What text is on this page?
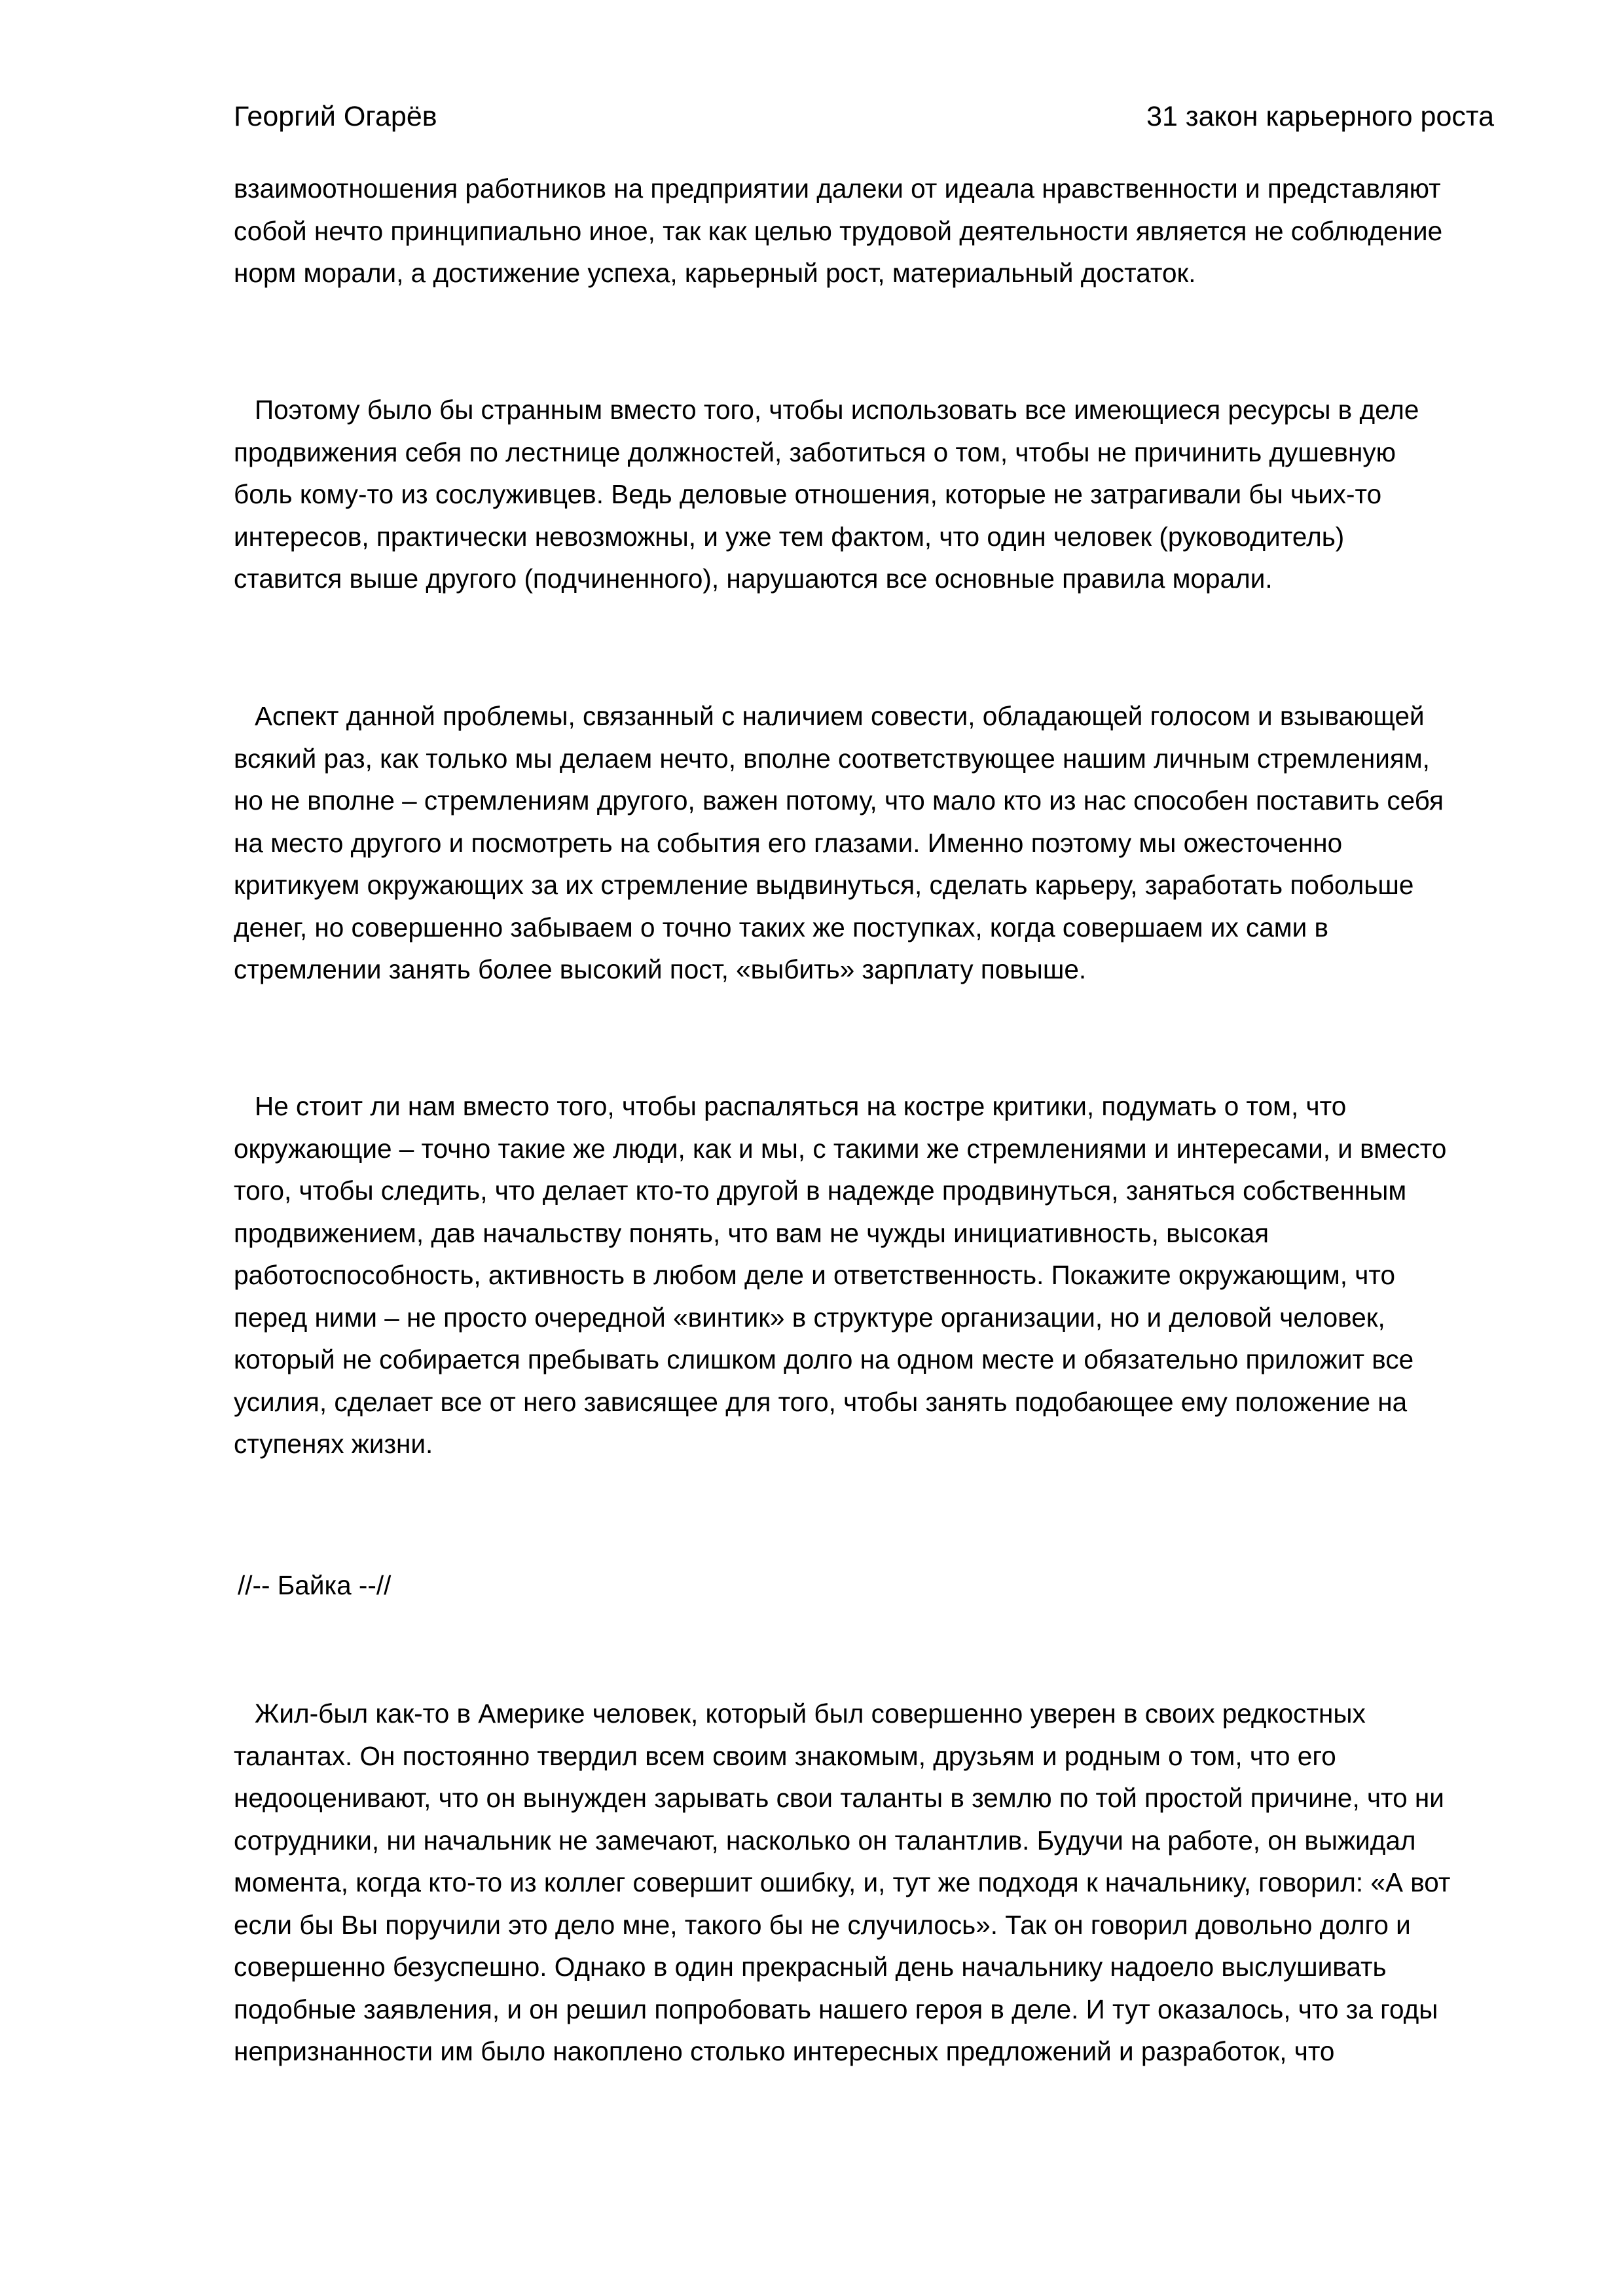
Георгий Огарёв	31 закон карьерного роста
взаимоотношения работников на предприятии далеки от идеала нравственности и представляют
собой нечто принципиально иное, так как целью трудовой деятельности является не соблюдение
норм морали, а достижение успеха, карьерный рост, материальный достаток.
Поэтому было бы странным вместо того, чтобы использовать все имеющиеся ресурсы в деле
продвижения себя по лестнице должностей, заботиться о том, чтобы не причинить душевную
боль кому-то из сослуживцев. Ведь деловые отношения, которые не затрагивали бы чьих-то
интересов, практически невозможны, и уже тем фактом, что один человек (руководитель)
ставится выше другого (подчиненного), нарушаются все основные правила морали.
Аспект данной проблемы, связанный с наличием совести, обладающей голосом и взывающей
всякий раз, как только мы делаем нечто, вполне соответствующее нашим личным стремлениям,
но не вполне – стремлениям другого, важен потому, что мало кто из нас способен поставить себя
на место другого и посмотреть на события его глазами. Именно поэтому мы ожесточенно
критикуем окружающих за их стремление выдвинуться, сделать карьеру, заработать побольше
денег, но совершенно забываем о точно таких же поступках, когда совершаем их сами в
стремлении занять более высокий пост, «выбить» зарплату повыше.
Не стоит ли нам вместо того, чтобы распаляться на костре критики, подумать о том, что
окружающие – точно такие же люди, как и мы, с такими же стремлениями и интересами, и вместо
того, чтобы следить, что делает кто-то другой в надежде продвинуться, заняться собственным
продвижением, дав начальству понять, что вам не чужды инициативность, высокая
работоспособность, активность в любом деле и ответственность. Покажите окружающим, что
перед ними – не просто очередной «винтик» в структуре организации, но и деловой человек,
который не собирается пребывать слишком долго на одном месте и обязательно приложит все
усилия, сделает все от него зависящее для того, чтобы занять подобающее ему положение на
ступенях жизни.
//-- Байка --//
Жил-был как-то в Америке человек, который был совершенно уверен в своих редкостных
талантах. Он постоянно твердил всем своим знакомым, друзьям и родным о том, что его
недооценивают, что он вынужден зарывать свои таланты в землю по той простой причине, что ни
сотрудники, ни начальник не замечают, насколько он талантлив. Будучи на работе, он выжидал
момента, когда кто-то из коллег совершит ошибку, и, тут же подходя к начальнику, говорил: «А вот
если бы Вы поручили это дело мне, такого бы не случилось». Так он говорил довольно долго и
совершенно безуспешно. Однако в один прекрасный день начальнику надоело выслушивать
подобные заявления, и он решил попробовать нашего героя в деле. И тут оказалось, что за годы
непризнанности им было накоплено столько интересных предложений и разработок, что
